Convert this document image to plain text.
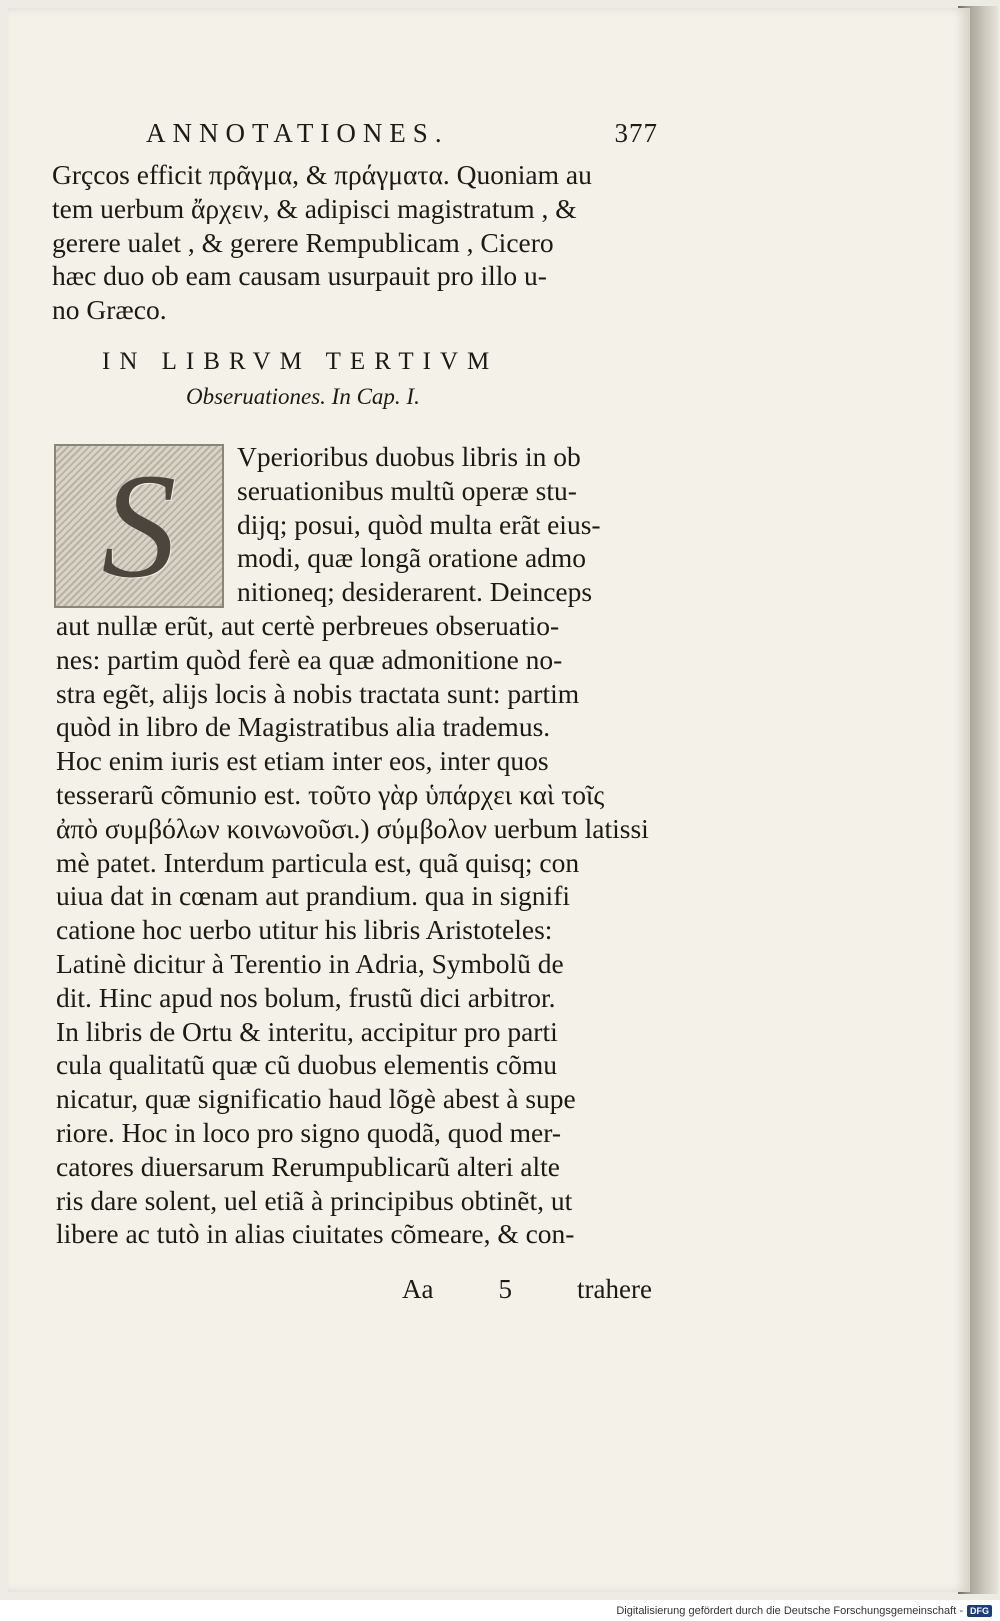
ANNOTATIONES.	377
Grçcos efficit πρᾶγμα, & πράγματα. Quoniam au
tem uerbum ἄρχειν, & adipisci magistratum , &
gerere ualet , & gerere Rempublicam , Cicero
hæc duo ob eam causam usurpauit pro illo u-
no Græco.
IN LIBRVM TERTIVM
Obseruationes. In Cap. I.
S Vperioribus duobus libris in ob
seruationibus multũ operæ stu-
dijq; posui, quòd multa erãt eius-
modi, quæ longã oratione admo
nitioneq; desiderarent. Deinceps
aut nullæ erũt, aut certè perbreues obseruatio-
nes: partim quòd ferè ea quæ admonitione no-
stra egẽt, alijs locis à nobis tractata sunt: partim
quòd in libro de Magistratibus alia trademus.
Hoc enim iuris est etiam inter eos, inter quos
tesserarũ cõmunio est. τοῦτο γὰρ ὑπάρχει καὶ τοῖς
ἀπὸ συμβόλων κοινωνοῦσι.) σύμβολον uerbum latissi
mè patet. Interdum particula est, quã quisq; con
uiua dat in cœnam aut prandium. qua in signifi
catione hoc uerbo utitur his libris Aristoteles:
Latinè dicitur à Terentio in Adria, Symbolũ de
dit. Hinc apud nos bolum, frustũ dici arbitror.
In libris de Ortu & interitu, accipitur pro parti
cula qualitatũ quæ cũ duobus elementis cõmu
nicatur, quæ significatio haud lõgè abest à supe
riore. Hoc in loco pro signo quodã, quod mer-
catores diuersarum Rerumpublicarũ alteri alte
ris dare solent, uel etiã à principibus obtinẽt, ut
libere ac tutò in alias ciuitates cõmeare, & con-
Aa 5 trahere
Digitalisierung gefördert durch die Deutsche Forschungsgemeinschaft - DFG
